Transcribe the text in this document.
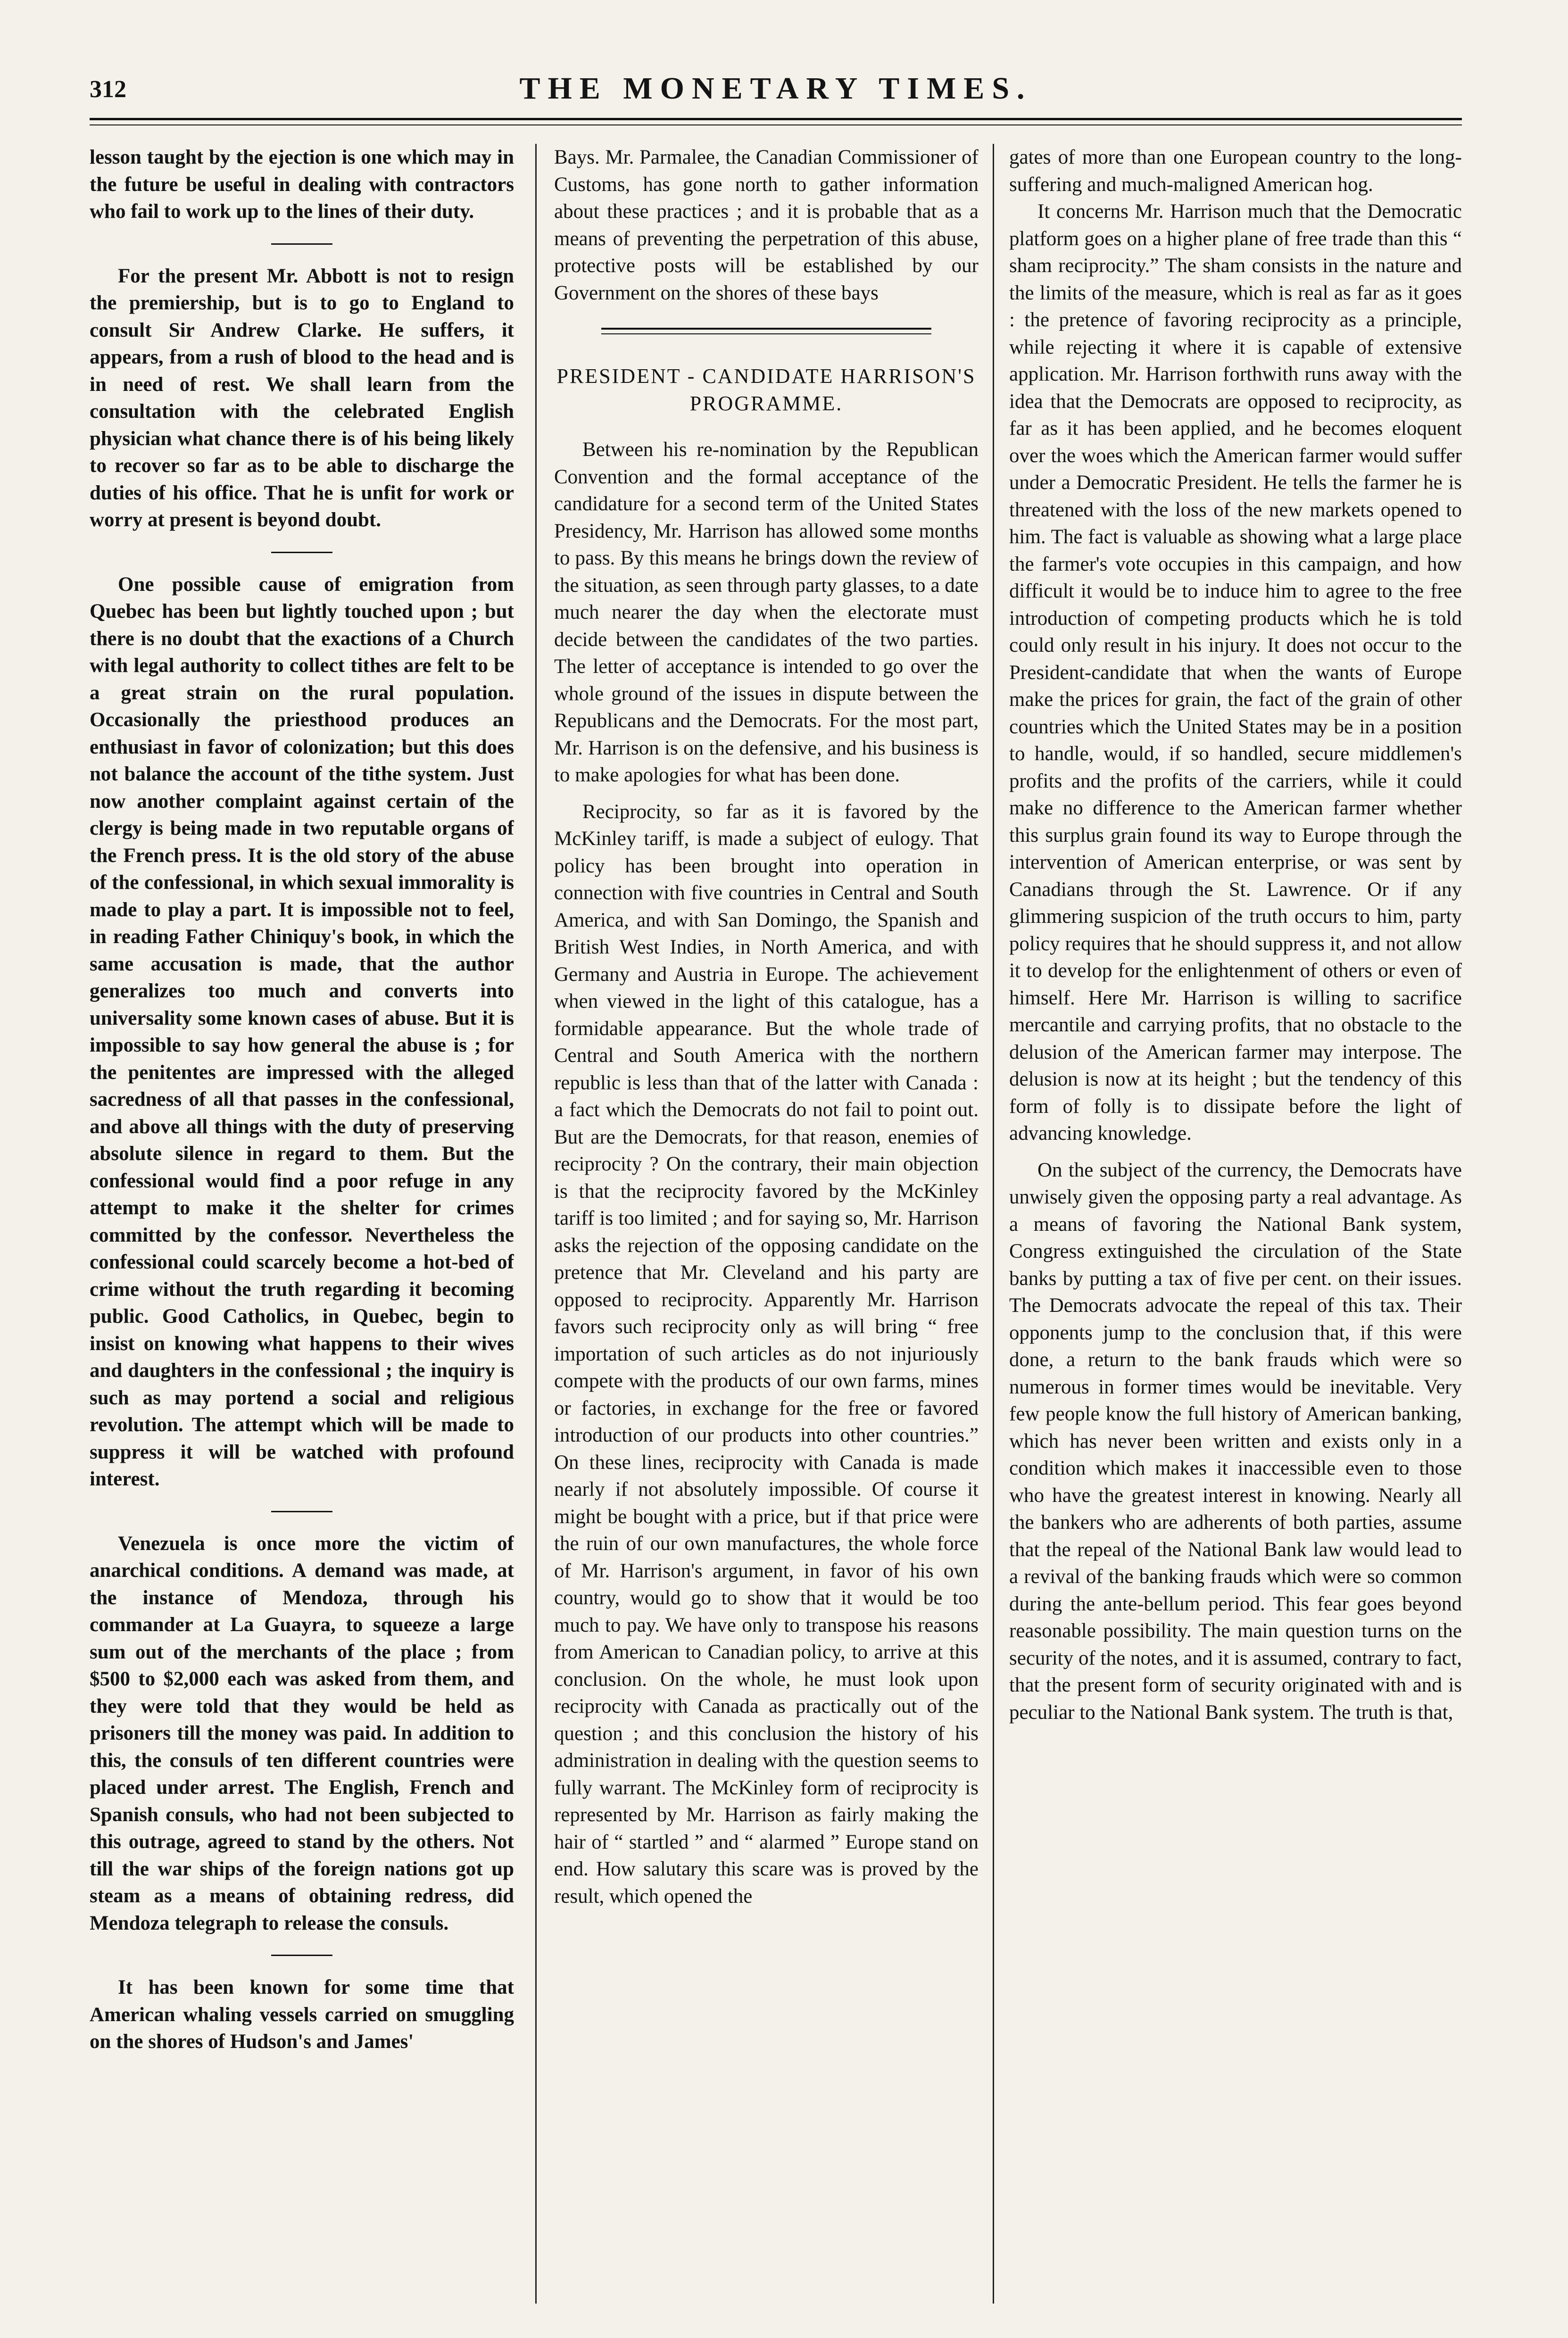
312	THE MONETARY TIMES.

lesson taught by the ejection is one which may in the future be useful in dealing with contractors who fail to work up to the lines of their duty.

For the present Mr. Abbott is not to resign the premiership, but is to go to England to consult Sir Andrew Clarke. He suffers, it appears, from a rush of blood to the head and is in need of rest. We shall learn from the consultation with the celebrated English physician what chance there is of his being likely to recover so far as to be able to discharge the duties of his office. That he is unfit for work or worry at present is beyond doubt.

One possible cause of emigration from Quebec has been but lightly touched upon ; but there is no doubt that the exactions of a Church with legal authority to collect tithes are felt to be a great strain on the rural population. Occasionally the priesthood produces an enthusiast in favor of colonization; but this does not balance the account of the tithe system. Just now another complaint against certain of the clergy is being made in two reputable organs of the French press. It is the old story of the abuse of the confessional, in which sexual immorality is made to play a part. It is impossible not to feel, in reading Father Chiniquy's book, in which the same accusation is made, that the author generalizes too much and converts into universality some known cases of abuse. But it is impossible to say how general the abuse is ; for the penitentes are impressed with the alleged sacredness of all that passes in the confessional, and above all things with the duty of preserving absolute silence in regard to them. But the confessional would find a poor refuge in any attempt to make it the shelter for crimes committed by the confessor. Nevertheless the confessional could scarcely become a hot-bed of crime without the truth regarding it becoming public. Good Catholics, in Quebec, begin to insist on knowing what happens to their wives and daughters in the confessional ; the inquiry is such as may portend a social and religious revolution. The attempt which will be made to suppress it will be watched with profound interest.

Venezuela is once more the victim of anarchical conditions. A demand was made, at the instance of Mendoza, through his commander at La Guayra, to squeeze a large sum out of the merchants of the place ; from $500 to $2,000 each was asked from them, and they were told that they would be held as prisoners till the money was paid. In addition to this, the consuls of ten different countries were placed under arrest. The English, French and Spanish consuls, who had not been subjected to this outrage, agreed to stand by the others. Not till the war ships of the foreign nations got up steam as a means of obtaining redress, did Mendoza telegraph to release the consuls.

It has been known for some time that American whaling vessels carried on smuggling on the shores of Hudson's and James'

Bays. Mr. Parmalee, the Canadian Commissioner of Customs, has gone north to gather information about these practices ; and it is probable that as a means of preventing the perpetration of this abuse, protective posts will be established by our Government on the shores of these bays

PRESIDENT - CANDIDATE HARRISON'S PROGRAMME.

Between his re-nomination by the Republican Convention and the formal acceptance of the candidature for a second term of the United States Presidency, Mr. Harrison has allowed some months to pass. By this means he brings down the review of the situation, as seen through party glasses, to a date much nearer the day when the electorate must decide between the candidates of the two parties. The letter of acceptance is intended to go over the whole ground of the issues in dispute between the Republicans and the Democrats. For the most part, Mr. Harrison is on the defensive, and his business is to make apologies for what has been done.

Reciprocity, so far as it is favored by the McKinley tariff, is made a subject of eulogy. That policy has been brought into operation in connection with five countries in Central and South America, and with San Domingo, the Spanish and British West Indies, in North America, and with Germany and Austria in Europe. The achievement when viewed in the light of this catalogue, has a formidable appearance. But the whole trade of Central and South America with the northern republic is less than that of the latter with Canada : a fact which the Democrats do not fail to point out. But are the Democrats, for that reason, enemies of reciprocity ? On the contrary, their main objection is that the reciprocity favored by the McKinley tariff is too limited ; and for saying so, Mr. Harrison asks the rejection of the opposing candidate on the pretence that Mr. Cleveland and his party are opposed to reciprocity. Apparently Mr. Harrison favors such reciprocity only as will bring “ free importation of such articles as do not injuriously compete with the products of our own farms, mines or factories, in exchange for the free or favored introduction of our products into other countries.” On these lines, reciprocity with Canada is made nearly if not absolutely impossible. Of course it might be bought with a price, but if that price were the ruin of our own manufactures, the whole force of Mr. Harrison's argument, in favor of his own country, would go to show that it would be too much to pay. We have only to transpose his reasons from American to Canadian policy, to arrive at this conclusion. On the whole, he must look upon reciprocity with Canada as practically out of the question ; and this conclusion the history of his administration in dealing with the question seems to fully warrant. The McKinley form of reciprocity is represented by Mr. Harrison as fairly making the hair of “ startled ” and “ alarmed ” Europe stand on end. How salutary this scare was is proved by the result, which opened the

gates of more than one European country to the long-suffering and much-maligned American hog.

It concerns Mr. Harrison much that the Democratic platform goes on a higher plane of free trade than this “ sham reciprocity.” The sham consists in the nature and the limits of the measure, which is real as far as it goes : the pretence of favoring reciprocity as a principle, while rejecting it where it is capable of extensive application. Mr. Harrison forthwith runs away with the idea that the Democrats are opposed to reciprocity, as far as it has been applied, and he becomes eloquent over the woes which the American farmer would suffer under a Democratic President. He tells the farmer he is threatened with the loss of the new markets opened to him. The fact is valuable as showing what a large place the farmer's vote occupies in this campaign, and how difficult it would be to induce him to agree to the free introduction of competing products which he is told could only result in his injury. It does not occur to the President-candidate that when the wants of Europe make the prices for grain, the fact of the grain of other countries which the United States may be in a position to handle, would, if so handled, secure middlemen's profits and the profits of the carriers, while it could make no difference to the American farmer whether this surplus grain found its way to Europe through the intervention of American enterprise, or was sent by Canadians through the St. Lawrence. Or if any glimmering suspicion of the truth occurs to him, party policy requires that he should suppress it, and not allow it to develop for the enlightenment of others or even of himself. Here Mr. Harrison is willing to sacrifice mercantile and carrying profits, that no obstacle to the delusion of the American farmer may interpose. The delusion is now at its height ; but the tendency of this form of folly is to dissipate before the light of advancing knowledge.

On the subject of the currency, the Democrats have unwisely given the opposing party a real advantage. As a means of favoring the National Bank system, Congress extinguished the circulation of the State banks by putting a tax of five per cent. on their issues. The Democrats advocate the repeal of this tax. Their opponents jump to the conclusion that, if this were done, a return to the bank frauds which were so numerous in former times would be inevitable. Very few people know the full history of American banking, which has never been written and exists only in a condition which makes it inaccessible even to those who have the greatest interest in knowing. Nearly all the bankers who are adherents of both parties, assume that the repeal of the National Bank law would lead to a revival of the banking frauds which were so common during the ante-bellum period. This fear goes beyond reasonable possibility. The main question turns on the security of the notes, and it is assumed, contrary to fact, that the present form of security originated with and is peculiar to the National Bank system. The truth is that,
